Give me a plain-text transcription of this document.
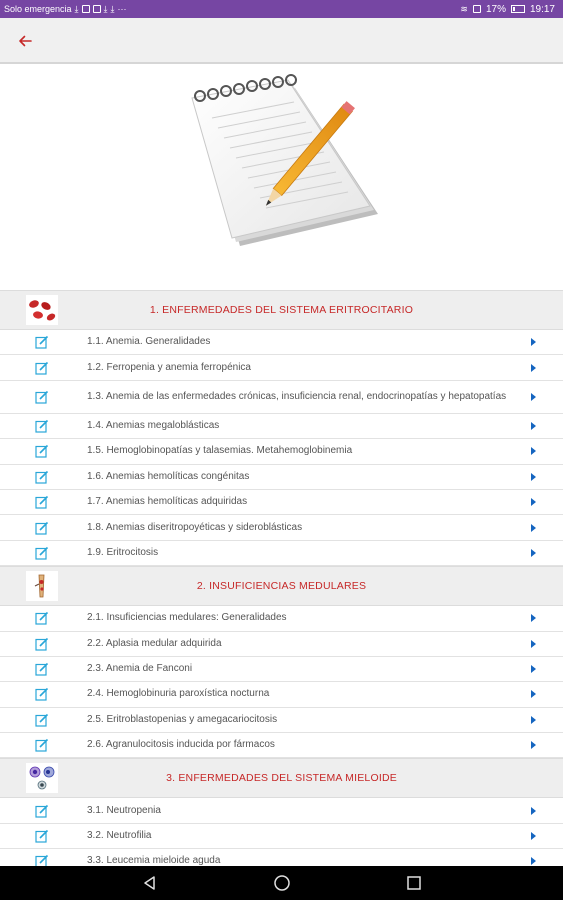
Solo emergencia ⤓	⤓ ⤓ ···	≋ 17% 19:17
1. ENFERMEDADES DEL SISTEMA ERITROCITARIO
1.1. Anemia. Generalidades
1.2. Ferropenia y anemia ferropénica
1.3. Anemia de las enfermedades crónicas, insuficiencia renal, endocrinopatías y hepatopatías
1.4. Anemias megaloblásticas
1.5. Hemoglobinopatías y talasemias. Metahemoglobinemia
1.6. Anemias hemolíticas congénitas
1.7. Anemias hemolíticas adquiridas
1.8. Anemias diseritropoyéticas y sideroblásticas
1.9. Eritrocitosis
2. INSUFICIENCIAS MEDULARES
2.1. Insuficiencias medulares: Generalidades
2.2. Aplasia medular adquirida
2.3. Anemia de Fanconi
2.4. Hemoglobinuria paroxística nocturna
2.5. Eritroblastopenias y amegacariocitosis
2.6. Agranulocitosis inducida por fármacos
3. ENFERMEDADES DEL SISTEMA MIELOIDE
3.1. Neutropenia
3.2. Neutrofilia
3.3. Leucemia mieloide aguda
